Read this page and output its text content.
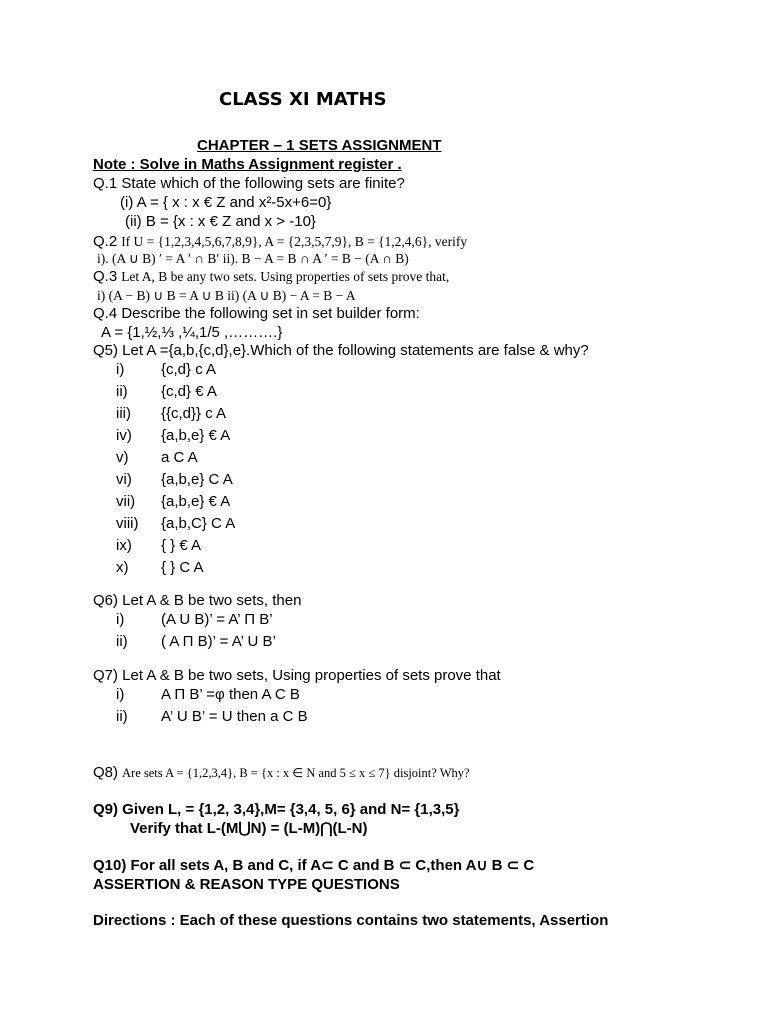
CLASS XI MATHS
CHAPTER – 1 SETS ASSIGNMENT
Note : Solve in Maths Assignment register .
Q.1 State which of the following sets are finite?
(i) A = { x : x € Z and x²-5x+6=0}
(ii) B = {x : x € Z and x > -10}
Q.2 If U = {1,2,3,4,5,6,7,8,9}, A = {2,3,5,7,9}, B = {1,2,4,6}, verify
i). (A ∪ B) ′ = A ′ ∩ B′ ii). B − A = B ∩ A ′ = B − (A ∩ B)
Q.3 Let A, B be any two sets. Using properties of sets prove that,
i) (A − B) ∪ B = A ∪ B ii) (A ∪ B) − A = B − A
Q.4 Describe the following set in set builder form:
A = {1,½,⅓ ,¼,1/5 ,……….}
Q5) Let A ={a,b,{c,d},e}.Which of the following statements are false & why?
i) {c,d} c A
ii) {c,d} € A
iii) {{c,d}} c A
iv) {a,b,e} € A
v) a C A
vi) {a,b,e} C A
vii) {a,b,e} € A
viii) {a,b,C} C A
ix) { } € A
x) { } C A
Q6) Let A & B be two sets, then
i) (A U B)’ = A’ Π B’
ii) ( A Π B)’ = A’ U B’
Q7) Let A & B be two sets, Using properties of sets prove that
i) A Π B’ =φ then A C B
ii) A’ U B’ = U then a C B
Q8) Are sets A = {1,2,3,4}, B = {x : x ∈ N and 5 ≤ x ≤ 7} disjoint? Why?
Q9) Given L, = {1,2, 3,4},M= {3,4, 5, 6} and N= {1,3,5}
Verify that L-(M⋃N) = (L-M)⋂(L-N)
Q10) For all sets A, B and C, if A⊂ C and B ⊂ C,then A∪ B ⊂ C
ASSERTION & REASON TYPE QUESTIONS
Directions : Each of these questions contains two statements, Assertion
